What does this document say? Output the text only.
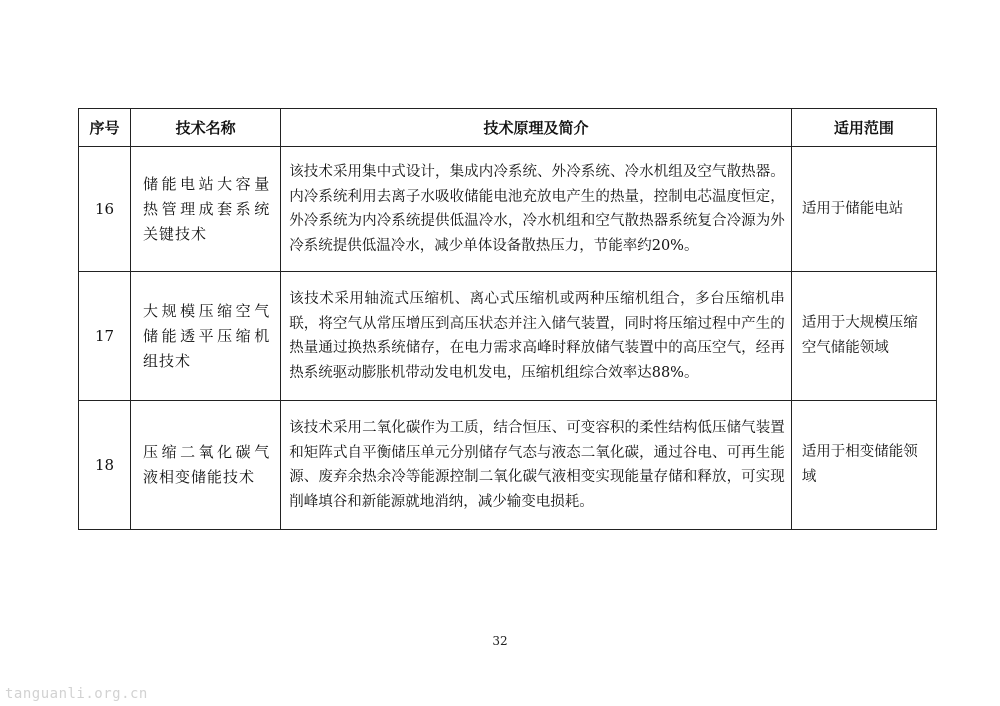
序号	技术名称	技术原理及简介	适用范围
16	储能电站大容量热管理成套系统关键技术	该技术采用集中式设计，集成内冷系统、外冷系统、冷水机组及空气散热器。内冷系统利用去离子水吸收储能电池充放电产生的热量，控制电芯温度恒定，外冷系统为内冷系统提供低温冷水，冷水机组和空气散热器系统复合冷源为外冷系统提供低温冷水，减少单体设备散热压力，节能率约20%。	适用于储能电站
17	大规模压缩空气储能透平压缩机组技术	该技术采用轴流式压缩机、离心式压缩机或两种压缩机组合，多台压缩机串联，将空气从常压增压到高压状态并注入储气装置，同时将压缩过程中产生的热量通过换热系统储存，在电力需求高峰时释放储气装置中的高压空气，经再热系统驱动膨胀机带动发电机发电，压缩机组综合效率达88%。	适用于大规模压缩空气储能领域
18	压缩二氧化碳气液相变储能技术	该技术采用二氧化碳作为工质，结合恒压、可变容积的柔性结构低压储气装置和矩阵式自平衡储压单元分别储存气态与液态二氧化碳，通过谷电、可再生能源、废弃余热余冷等能源控制二氧化碳气液相变实现能量存储和释放，可实现削峰填谷和新能源就地消纳，减少输变电损耗。	适用于相变储能领域
32
tanguanli.org.cn
